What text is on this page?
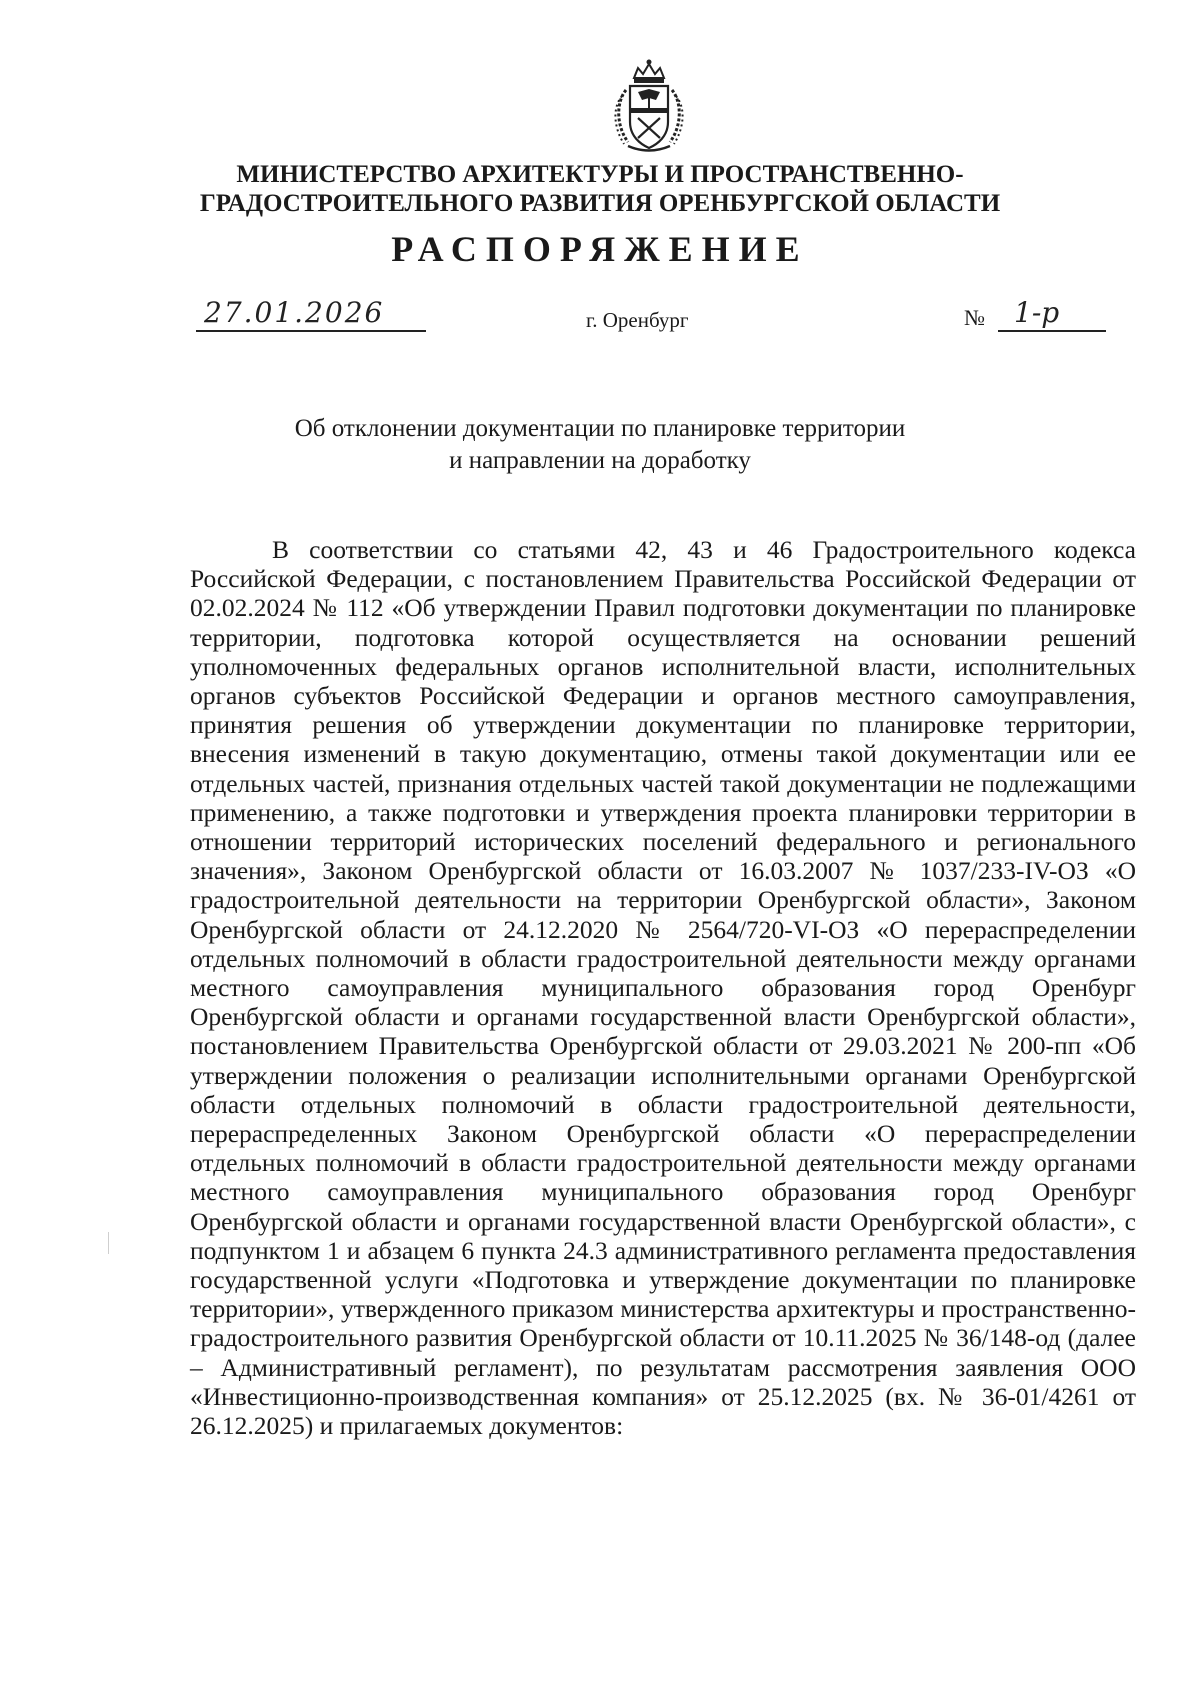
МИНИСТЕРСТВО АРХИТЕКТУРЫ И ПРОСТРАНСТВЕННО-
ГРАДОСТРОИТЕЛЬНОГО РАЗВИТИЯ ОРЕНБУРГСКОЙ ОБЛАСТИ
РАСПОРЯЖЕНИЕ
27.01.2026	г. Оренбург	№ 1-р
Об отклонении документации по планировке территории
и направлении на доработку

В соответствии со статьями 42, 43 и 46 Градостроительного кодекса Российской Федерации, с постановлением Правительства Российской Федерации от 02.02.2024 № 112 «Об утверждении Правил подготовки документации по планировке территории, подготовка которой осуществляется на основании решений уполномоченных федеральных органов исполнительной власти, исполнительных органов субъектов Российской Федерации и органов местного самоуправления, принятия решения об утверждении документации по планировке территории, внесения изменений в такую документацию, отмены такой документации или ее отдельных частей, признания отдельных частей такой документации не подлежащими применению, а также подготовки и утверждения проекта планировки территории в отношении территорий исторических поселений федерального и регионального значения», Законом Оренбургской области от 16.03.2007 № 1037/233-IV-ОЗ «О градостроительной деятельности на территории Оренбургской области», Законом Оренбургской области от 24.12.2020 № 2564/720-VI-ОЗ «О перераспределении отдельных полномочий в области градостроительной деятельности между органами местного самоуправления муниципального образования город Оренбург Оренбургской области и органами государственной власти Оренбургской области», постановлением Правительства Оренбургской области от 29.03.2021 № 200-пп «Об утверждении положения о реализации исполнительными органами Оренбургской области отдельных полномочий в области градостроительной деятельности, перераспределенных Законом Оренбургской области «О перераспределении отдельных полномочий в области градостроительной деятельности между органами местного самоуправления муниципального образования город Оренбург Оренбургской области и органами государственной власти Оренбургской области», с подпунктом 1 и абзацем 6 пункта 24.3 административного регламента предоставления государственной услуги «Подготовка и утверждение документации по планировке территории», утвержденного приказом министерства архитектуры и пространственно-градостроительного развития Оренбургской области от 10.11.2025 № 36/148-од (далее – Административный регламент), по результатам рассмотрения заявления ООО «Инвестиционно-производственная компания» от 25.12.2025 (вх. № 36-01/4261 от 26.12.2025) и прилагаемых документов:
